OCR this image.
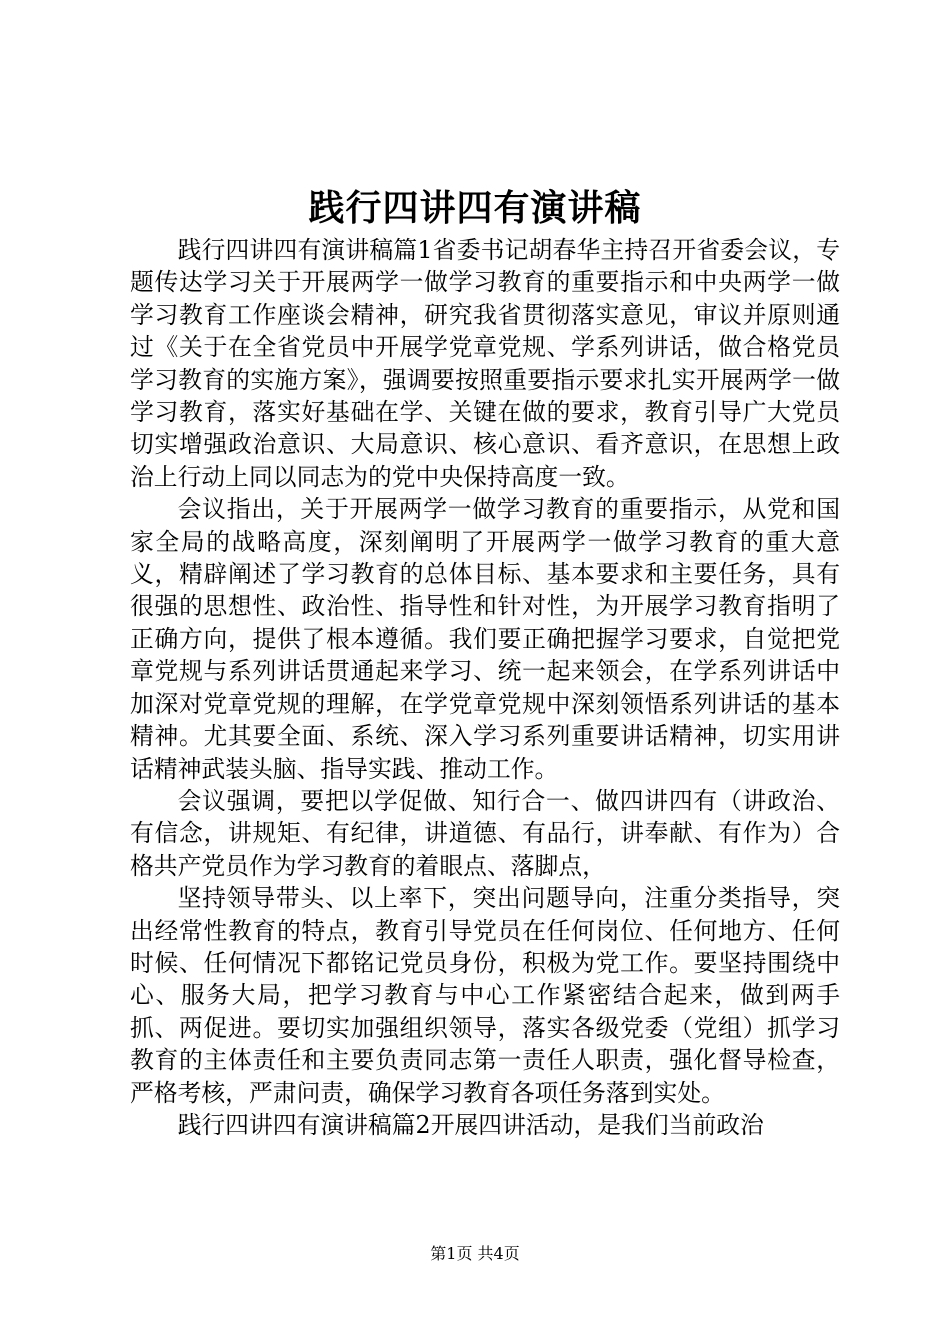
践行四讲四有演讲稿

践行四讲四有演讲稿篇1省委书记胡春华主持召开省委会议，专题传达学习关于开展两学一做学习教育的重要指示和中央两学一做学习教育工作座谈会精神，研究我省贯彻落实意见，审议并原则通过《关于在全省党员中开展学党章党规、学系列讲话，做合格党员学习教育的实施方案》，强调要按照重要指示要求扎实开展两学一做学习教育，落实好基础在学、关键在做的要求，教育引导广大党员切实增强政治意识、大局意识、核心意识、看齐意识，在思想上政治上行动上同以同志为的党中央保持高度一致。

会议指出，关于开展两学一做学习教育的重要指示，从党和国家全局的战略高度，深刻阐明了开展两学一做学习教育的重大意义，精辟阐述了学习教育的总体目标、基本要求和主要任务，具有很强的思想性、政治性、指导性和针对性，为开展学习教育指明了正确方向，提供了根本遵循。我们要正确把握学习要求，自觉把党章党规与系列讲话贯通起来学习、统一起来领会，在学系列讲话中加深对党章党规的理解，在学党章党规中深刻领悟系列讲话的基本精神。尤其要全面、系统、深入学习系列重要讲话精神，切实用讲话精神武装头脑、指导实践、推动工作。

会议强调，要把以学促做、知行合一、做四讲四有（讲政治、有信念，讲规矩、有纪律，讲道德、有品行，讲奉献、有作为）合格共产党员作为学习教育的着眼点、落脚点，

坚持领导带头、以上率下，突出问题导向，注重分类指导，突出经常性教育的特点，教育引导党员在任何岗位、任何地方、任何时候、任何情况下都铭记党员身份，积极为党工作。要坚持围绕中心、服务大局，把学习教育与中心工作紧密结合起来，做到两手抓、两促进。要切实加强组织领导，落实各级党委（党组）抓学习教育的主体责任和主要负责同志第一责任人职责，强化督导检查，严格考核，严肃问责，确保学习教育各项任务落到实处。

践行四讲四有演讲稿篇2开展四讲活动，是我们当前政治

第1页 共4页
